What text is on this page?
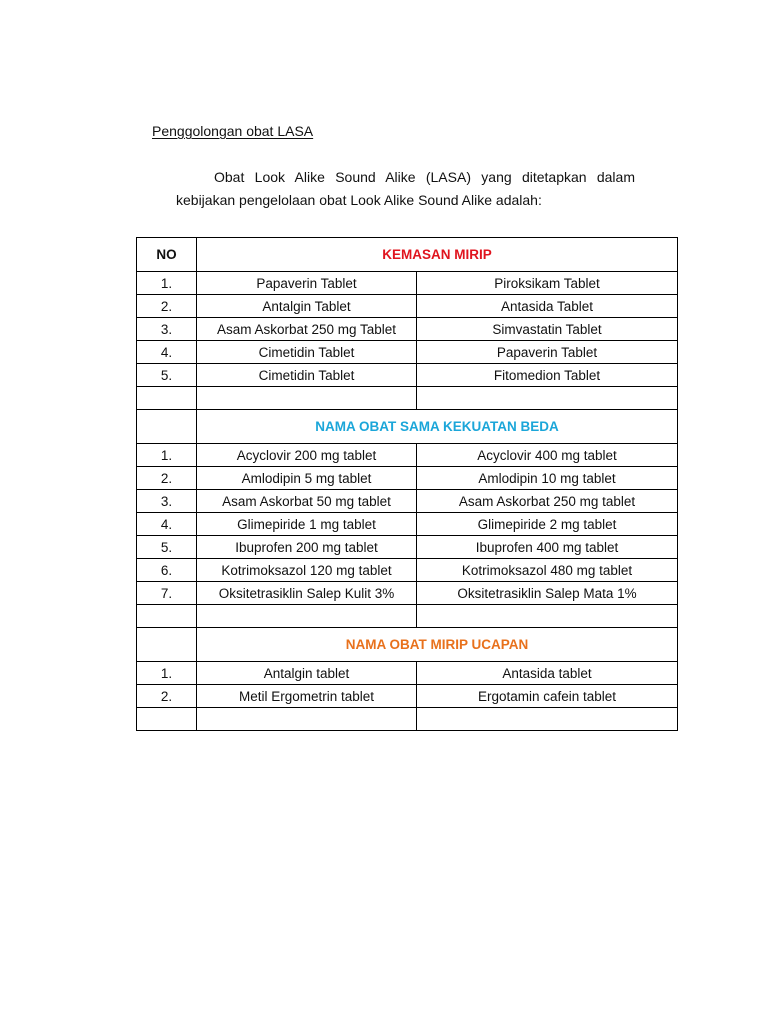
Penggolongan obat LASA

Obat Look Alike Sound Alike (LASA) yang ditetapkan dalam kebijakan pengelolaan obat Look Alike Sound Alike adalah:

NO	KEMASAN MIRIP	
1.	Papaverin Tablet	Piroksikam Tablet
2.	Antalgin Tablet	Antasida Tablet
3.	Asam Askorbat 250 mg Tablet	Simvastatin Tablet
4.	Cimetidin Tablet	Papaverin Tablet
5.	Cimetidin Tablet	Fitomedion Tablet

	NAMA OBAT SAMA KEKUATAN BEDA	
1.	Acyclovir 200 mg tablet	Acyclovir 400 mg tablet
2.	Amlodipin 5 mg tablet	Amlodipin 10 mg tablet
3.	Asam Askorbat 50 mg tablet	Asam Askorbat 250 mg tablet
4.	Glimepiride 1 mg tablet	Glimepiride 2 mg tablet
5.	Ibuprofen 200 mg tablet	Ibuprofen 400 mg tablet
6.	Kotrimoksazol 120 mg tablet	Kotrimoksazol 480 mg tablet
7.	Oksitetrasiklin Salep Kulit 3%	Oksitetrasiklin Salep Mata 1%

	NAMA OBAT MIRIP UCAPAN	
1.	Antalgin tablet	Antasida tablet
2.	Metil Ergometrin tablet	Ergotamin cafein tablet
